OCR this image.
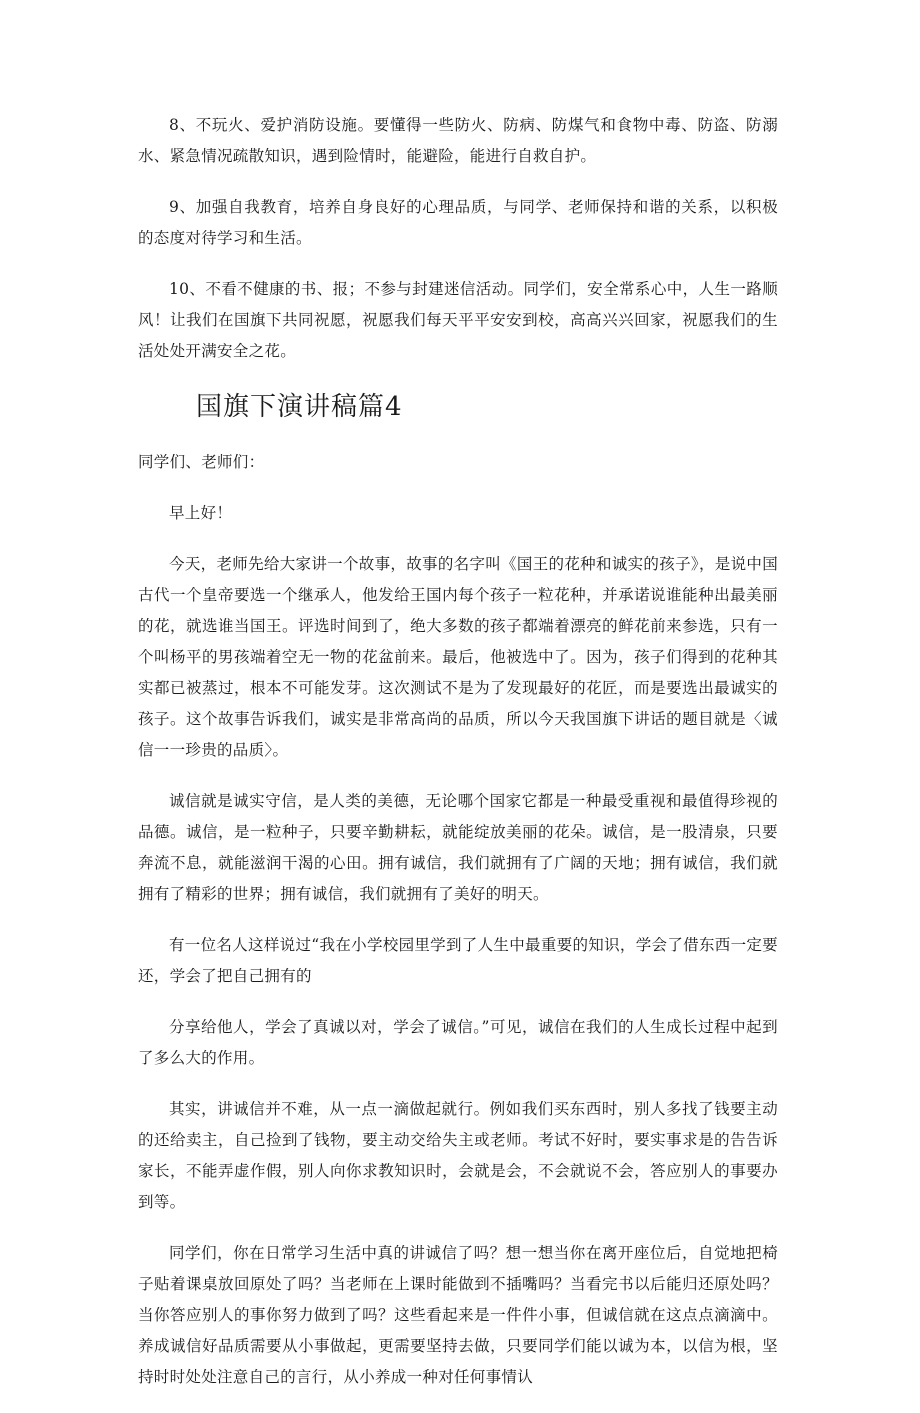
8、不玩火、爱护消防设施。要懂得一些防火、防病、防煤气和食物中毒、防盗、防溺水、紧急情况疏散知识，遇到险情时，能避险，能进行自救自护。

9、加强自我教育，培养自身良好的心理品质，与同学、老师保持和谐的关系，以积极的态度对待学习和生活。

10、不看不健康的书、报；不参与封建迷信活动。同学们，安全常系心中，人生一路顺风！让我们在国旗下共同祝愿，祝愿我们每天平平安安到校，高高兴兴回家，祝愿我们的生活处处开满安全之花。

国旗下演讲稿篇4

同学们、老师们：

早上好！

今天，老师先给大家讲一个故事，故事的名字叫《国王的花种和诚实的孩子》，是说中国古代一个皇帝要选一个继承人，他发给王国内每个孩子一粒花种，并承诺说谁能种出最美丽的花，就选谁当国王。评选时间到了，绝大多数的孩子都端着漂亮的鲜花前来参选，只有一个叫杨平的男孩端着空无一物的花盆前来。最后，他被选中了。因为，孩子们得到的花种其实都已被蒸过，根本不可能发芽。这次测试不是为了发现最好的花匠，而是要选出最诚实的孩子。这个故事告诉我们，诚实是非常高尚的品质，所以今天我国旗下讲话的题目就是〈诚信一一珍贵的品质〉。

诚信就是诚实守信，是人类的美德，无论哪个国家它都是一种最受重视和最值得珍视的品德。诚信，是一粒种子，只要辛勤耕耘，就能绽放美丽的花朵。诚信，是一股清泉，只要奔流不息，就能滋润干渴的心田。拥有诚信，我们就拥有了广阔的天地；拥有诚信，我们就拥有了精彩的世界；拥有诚信，我们就拥有了美好的明天。

有一位名人这样说过“我在小学校园里学到了人生中最重要的知识，学会了借东西一定要还，学会了把自己拥有的

分享给他人，学会了真诚以对，学会了诚信。”可见，诚信在我们的人生成长过程中起到了多么大的作用。

其实，讲诚信并不难，从一点一滴做起就行。例如我们买东西时，别人多找了钱要主动的还给卖主，自己捡到了钱物，要主动交给失主或老师。考试不好时，要实事求是的告告诉家长，不能弄虚作假，别人向你求教知识时，会就是会，不会就说不会，答应别人的事要办到等。

同学们，你在日常学习生活中真的讲诚信了吗？想一想当你在离开座位后，自觉地把椅子贴着课桌放回原处了吗？当老师在上课时能做到不插嘴吗？当看完书以后能归还原处吗？当你答应别人的事你努力做到了吗？这些看起来是一件件小事，但诚信就在这点点滴滴中。养成诚信好品质需要从小事做起，更需要坚持去做，只要同学们能以诚为本，以信为根，坚持时时处处注意自己的言行，从小养成一种对任何事情认
